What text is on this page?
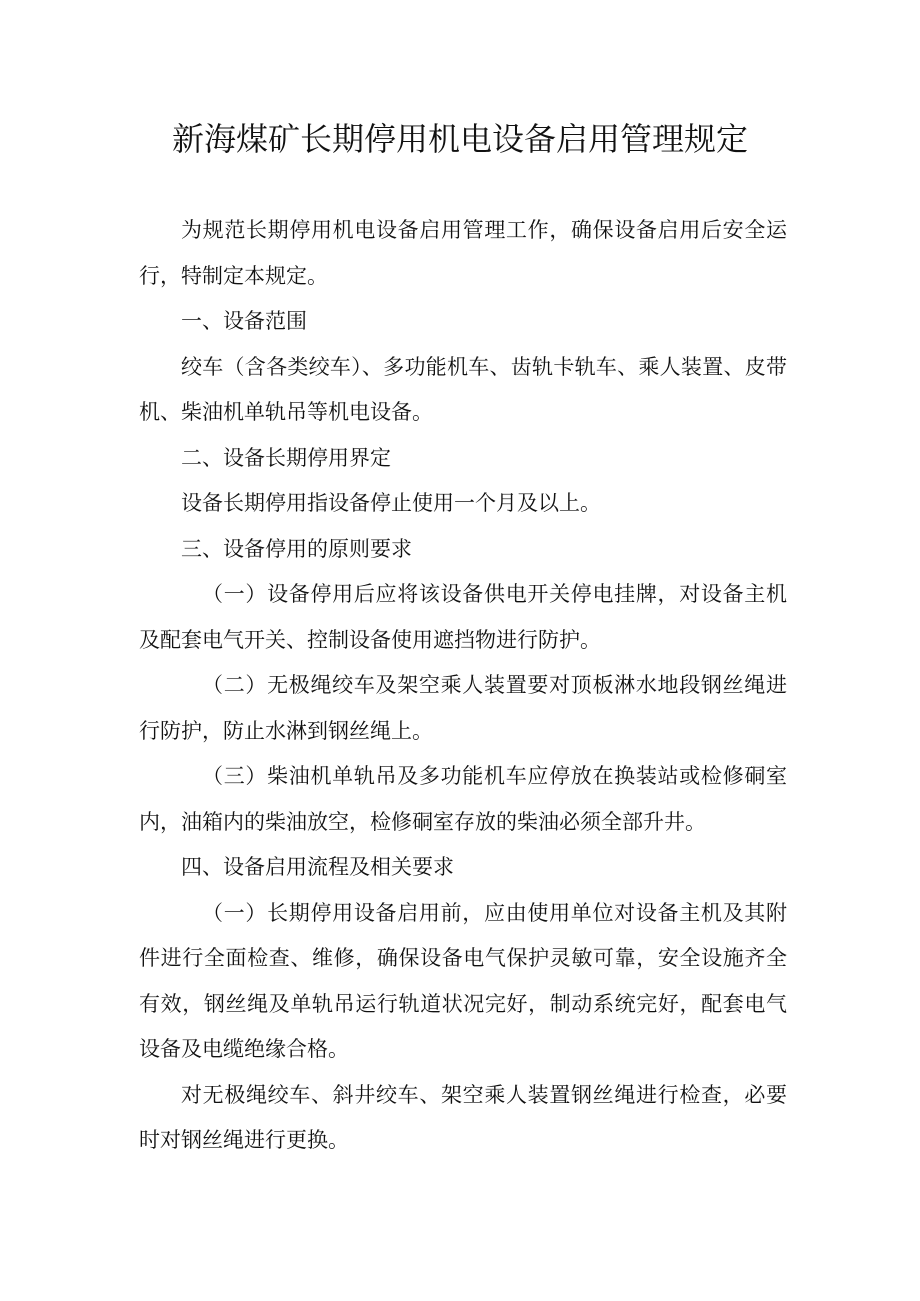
新海煤矿长期停用机电设备启用管理规定

为规范长期停用机电设备启用管理工作，确保设备启用后安全运行，特制定本规定。

一、设备范围

绞车（含各类绞车）、多功能机车、齿轨卡轨车、乘人装置、皮带机、柴油机单轨吊等机电设备。

二、设备长期停用界定

设备长期停用指设备停止使用一个月及以上。

三、设备停用的原则要求

（一）设备停用后应将该设备供电开关停电挂牌，对设备主机及配套电气开关、控制设备使用遮挡物进行防护。

（二）无极绳绞车及架空乘人装置要对顶板淋水地段钢丝绳进行防护，防止水淋到钢丝绳上。

（三）柴油机单轨吊及多功能机车应停放在换装站或检修硐室内，油箱内的柴油放空，检修硐室存放的柴油必须全部升井。

四、设备启用流程及相关要求

（一）长期停用设备启用前，应由使用单位对设备主机及其附件进行全面检查、维修，确保设备电气保护灵敏可靠，安全设施齐全有效，钢丝绳及单轨吊运行轨道状况完好，制动系统完好，配套电气设备及电缆绝缘合格。

对无极绳绞车、斜井绞车、架空乘人装置钢丝绳进行检查，必要时对钢丝绳进行更换。
